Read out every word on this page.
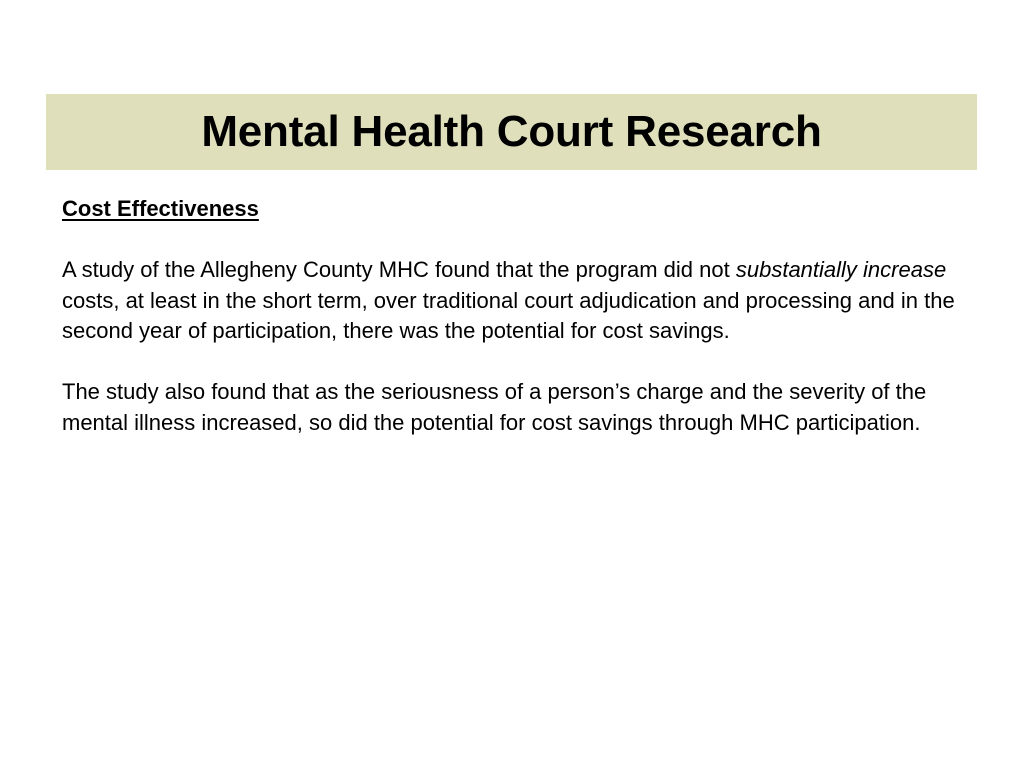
Mental Health Court Research
Cost Effectiveness

A study of the Allegheny County MHC found that the program did not substantially increase costs, at least in the short term, over traditional court adjudication and processing and in the second year of participation, there was the potential for cost savings.

The study also found that as the seriousness of a person’s charge and the severity of the mental illness increased, so did the potential for cost savings through MHC participation.
